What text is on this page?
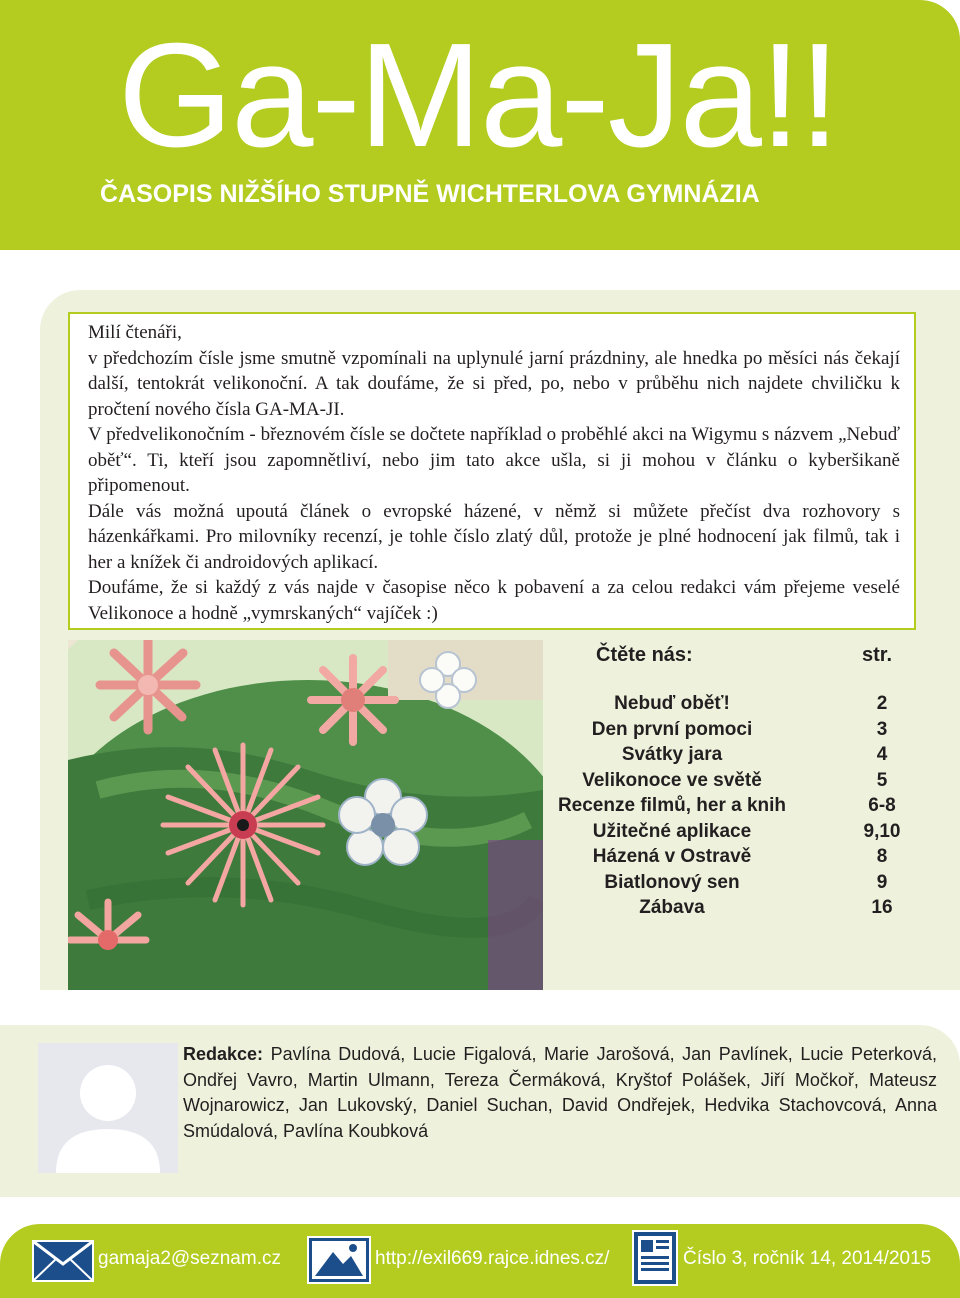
Ga-Ma-Ja!!
ČASOPIS NIŽŠÍHO STUPNĚ WICHTERLOVA GYMNÁZIA

Milí čtenáři,

v předchozím čísle jsme smutně vzpomínali na uplynulé jarní prázdniny, ale hnedka po měsíci nás čekají další, tentokrát velikonoční. A tak doufáme, že si před, po, nebo v průběhu nich najdete chviličku k pročtení nového čísla GA-MA-JI.

V předvelikonočním - březnovém čísle se dočtete například o proběhlé akci na Wigymu s názvem „Nebuď oběť“. Ti, kteří jsou zapomnětliví, nebo jim tato akce ušla, si ji mohou v článku o kyberšikaně připomenout.

Dále vás možná upoutá článek o evropské házené, v němž si můžete přečíst dva rozhovory s házenkářkami. Pro milovníky recenzí, je tohle číslo zlatý důl, protože je plné hodnocení jak filmů, tak i her a knížek či androidových aplikací.

Doufáme, že si každý z vás najde v časopise něco k pobavení a za celou redakci vám přejeme veselé Velikonoce a hodně „vymrskaných“ vajíček :)

Čtěte nás:	str.
Nebuď oběť!	2
Den první pomoci	3
Svátky jara	4
Velikonoce ve světě	5
Recenze filmů, her a knih	6-8
Užitečné aplikace	9,10
Házená v Ostravě	8
Biatlonový sen	9
Zábava	16
Redakce: Pavlína Dudová, Lucie Figalová, Marie Jarošová, Jan Pavlínek, Lucie Peterková, Ondřej Vavro, Martin Ulmann, Tereza Čermáková, Kryštof Polášek, Jiří Močkoř, Mateusz Wojnarowicz, Jan Lukovský, Daniel Suchan, David Ondřejek, Hedvika Stachovcová, Anna Smúdalová, Pavlína Koubková
gamaja2@seznam.cz	http://exil669.rajce.idnes.cz/	Číslo 3, ročník 14, 2014/2015
